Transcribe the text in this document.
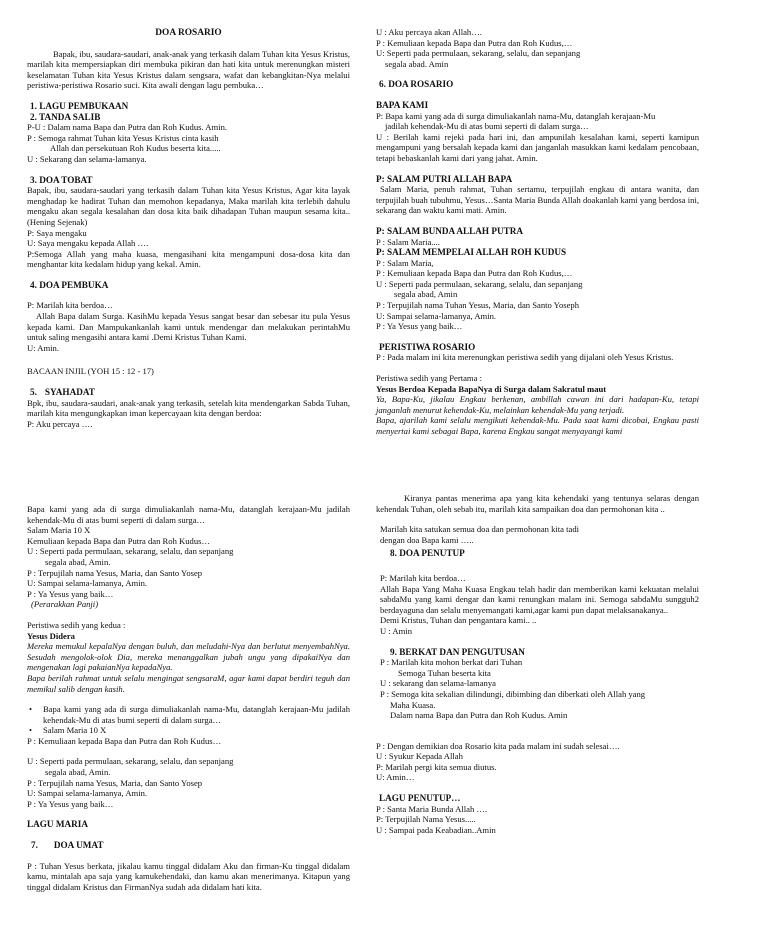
DOA ROSARIO

Bapak, ibu, saudara-saudari, anak-anak yang terkasih dalam Tuhan kita Yesus Kristus, marilah kita mempersiapkan diri membuka pikiran dan hati kita untuk merenungkan misteri keselamatan Tuhan kita Yesus Kristus dalam sengsara, wafat dan kebangkitan-Nya melalui peristiwa-peristiwa Rosario suci. Kita awali dengan lagu pembuka…

1. LAGU PEMBUKAAN

2. TANDA SALIB

P-U : Dalam nama Bapa dan Putra dan Roh Kudus. Amin.

P : Semoga rahmat Tuhan kita Yesus Kristus cinta kasih

Allah dan persekutuan Roh Kudus beserta kita.....

U : Sekarang dan selama-lamanya.

3. DOA TOBAT

Bapak, ibu, saudara-saudari yang terkasih dalam Tuhan kita Yesus Kristus, Agar kita layak menghadap ke hadirat Tuhan dan memohon kepadanya, Maka marilah kita terlebih dahulu mengaku akan segala kesalahan dan dosa kita baik dihadapan Tuhan maupun sesama kita.. (Hening Sejenak)

P: Saya mengaku

U: Saya mengaku kepada Allah ….

P:Semoga Allah yang maha kuasa, mengasihani kita mengampuni dosa-dosa kita dan menghantar kita kedalam hidup yang kekal. Amin.

4. DOA PEMBUKA

P: Marilah kita berdoa…

Allah Bapa dalam Surga. KasihMu kepada Yesus sangat besar dan sebesar itu pula Yesus kepada kami. Dan Mampukankanlah kami untuk mendengar dan melakukan perintahMu untuk saling mengasihi antara kami .Demi Kristus Tuhan Kami.

U: Amin.

BACAAN INJIL (YOH 15 : 12 - 17)

5. SYAHADAT

Bpk, ibu, saudara-saudari, anak-anak yang terkasih, setelah kita mendengarkan Sabda Tuhan, marilah kita mengungkapkan iman kepercayaan kita dengan berdoa:

P: Aku percaya ….

U : Aku percaya akan Allah….

P : Kemuliaan kepada Bapa dan Putra dan Roh Kudus,…

U: Seperti pada permulaan, sekarang, selalu, dan sepanjang

segala abad. Amin

6. DOA ROSARIO

BAPA KAMI

P: Bapa kami yang ada di surga dimuliakanlah nama-Mu, datanglah kerajaan-Mu

jadilah kehendak-Mu di atas bumi seperti di dalam surga…

U : Berilah kami rejeki pada hari ini, dan ampunilah kesalahan kami, seperti kamipun mengampuni yang bersalah kepada kami dan janganlah masukkan kami kedalam pencobaan, tetapi bebaskanlah kami dari yang jahat. Amin.

P: SALAM PUTRI ALLAH BAPA

Salam Maria, penuh rahmat, Tuhan sertamu, terpujilah engkau di antara wanita, dan terpujilah buah tubuhmu, Yesus…Santa Maria Bunda Allah doakanlah kami yang berdosa ini, sekarang dan waktu kami mati. Amin.

P: SALAM BUNDA ALLAH PUTRA

P : Salam Maria....

P: SALAM MEMPELAI ALLAH ROH KUDUS

P : Salam Maria,

P : Kemuliaan kepada Bapa dan Putra dan Roh Kudus,…

U : Seperti pada permulaan, sekarang, selalu, dan sepanjang

segala abad, Amin

P : Terpujilah nama Tuhan Yesus, Maria, dan Santo Yoseph

U: Sampai selama-lamanya, Amin.

P : Ya Yesus yang baik…

PERISTIWA ROSARIO

P : Pada malam ini kita merenungkan peristiwa sedih yang dijalani oleh Yesus Kristus.

Peristiwa sedih yang Pertama :

Yesus Berdoa Kepada BapaNya di Surga dalam Sakratul maut

Ya, Bapa-Ku, jikalau Engkau berkenan, ambillah cawan ini dari hadapan-Ku, tetapi janganlah menurut kehendak-Ku, melainkan kehendak-Mu yang terjadi.

Bapa, ajarilah kami selalu mengikuti kehendak-Mu. Pada saat kami dicobai, Engkau pasti menyertai kami sebagai Bapa, karena Engkau sangat menyayangi kami

Bapa kami yang ada di surga dimuliakanlah nama-Mu, datanglah kerajaan-Mu jadilah kehendak-Mu di atas bumi seperti di dalam surga…

Salam Maria 10 X

Kemuliaan kepada Bapa dan Putra dan Roh Kudus…

U : Seperti pada permulaan, sekarang, selalu, dan sepanjang

segala abad, Amin.

P : Terpujilah nama Yesus, Maria, dan Santo Yosep

U: Sampai selama-lamanya, Amin.

P : Ya Yesus yang baik…

(Perarakkan Panji)

Peristiwa sedih yang kedua :

Yesus Didera

Mereka memukul kepalaNya dengan buluh, dan meludahi-Nya dan berlutut menyembahNya. Sesudah mengolok-olok Dia, mereka menanggalkan jubah ungu yang dipakaiNya dan mengenakan lagi pakaianNya kepadaNya.

Bapa berilah rahmat untuk selalu mengingat sengsaraM, agar kami dapat berdiri teguh dan memikul salib dengan kasih.

• Bapa kami yang ada di surga dimuliakanlah nama-Mu, datanglah kerajaan-Mu jadilah kehendak-Mu di atas bumi seperti di dalam surga…

• Salam Maria 10 X

P : Kemuliaan kepada Bapa dan Putra dan Roh Kudus…

U : Seperti pada permulaan, sekarang, selalu, dan sepanjang

segala abad, Amin.

P : Terpujilah nama Yesus, Maria, dan Santo Yosep

U: Sampai selama-lamanya, Amin.

P : Ya Yesus yang baik…

LAGU MARIA

7. DOA UMAT

P : Tuhan Yesus berkata, jikalau kamu tinggal didalam Aku dan firman-Ku tinggal didalam kamu, mintalah apa saja yang kamukehendaki, dan kamu akan menerimanya. Kitapun yang tinggal didalam Kristus dan FirmanNya sudah ada didalam hati kita.

Kiranya pantas menerima apa yang kita kehendaki yang tentunya selaras dengan kehendak Tuhan, oleh sebab itu, marilah kita sampaikan doa dan permohonan kita ..

Marilah kita satukan semua doa dan permohonan kita tadi

dengan doa Bapa kami …..

8. DOA PENUTUP

P: Marilah kita berdoa…

Allah Bapa Yang Maha Kuasa Engkau telah hadir dan memberikan kami kekuatan melalui sabdaMu yang kami dengar dan kami renungkan malam ini. Semoga sabdaMu sungguh2 berdayaguna dan selalu menyemangati kami,agar kami pun dapat melaksanakanya..

Demi Kristus, Tuhan dan pengantara kami.. ..

U : Amin

9. BERKAT DAN PENGUTUSAN

P : Marilah kita mohon berkat dari Tuhan

Semoga Tuhan beserta kita

U : sekarang dan selama-lamanya

P : Semoga kita sekalian dilindungi, dibimbing dan diberkati oleh Allah yang

Maha Kuasa.

Dalam nama Bapa dan Putra dan Roh Kudus. Amin

P : Dengan demikian doa Rosario kita pada malam ini sudah selesai….

U : Syukur Kepada Allah

P: Marilah pergi kita semua diutus.

U: Amin…

LAGU PENUTUP…

P : Santa Maria Bunda Allah ….

P: Terpujilah Nama Yesus.....

U : Sampai pada Keabadian..Amin
